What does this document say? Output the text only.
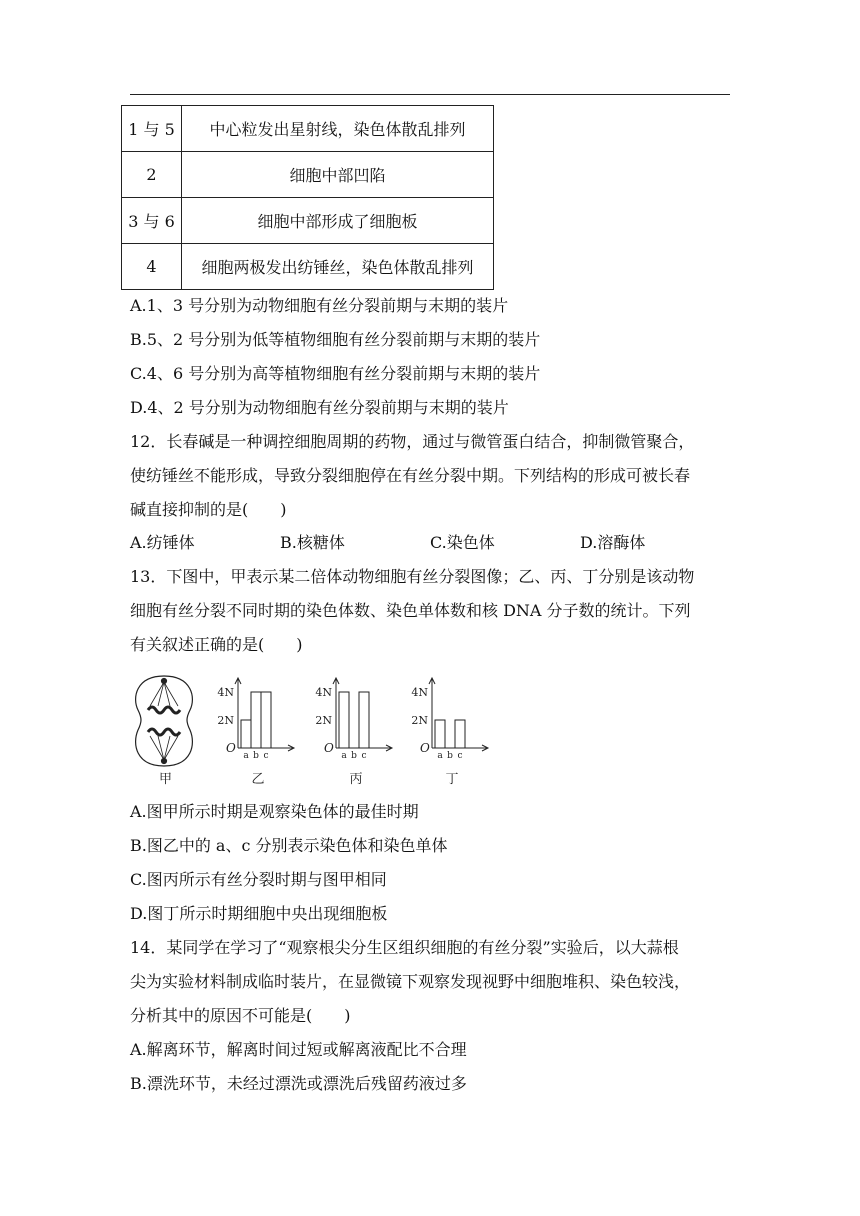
1 与 5	中心粒发出星射线，染色体散乱排列
2	细胞中部凹陷
3 与 6	细胞中部形成了细胞板
4	细胞两极发出纺锤丝，染色体散乱排列
A.1、3 号分别为动物细胞有丝分裂前期与末期的装片
B.5、2 号分别为低等植物细胞有丝分裂前期与末期的装片
C.4、6 号分别为高等植物细胞有丝分裂前期与末期的装片
D.4、2 号分别为动物细胞有丝分裂前期与末期的装片
12．长春碱是一种调控细胞周期的药物，通过与微管蛋白结合，抑制微管聚合，
使纺锤丝不能形成，导致分裂细胞停在有丝分裂中期。下列结构的形成可被长春
碱直接抑制的是(　　)
A.纺锤体	B.核糖体	C.染色体	D.溶酶体
13．下图中，甲表示某二倍体动物细胞有丝分裂图像；乙、丙、丁分别是该动物
细胞有丝分裂不同时期的染色体数、染色单体数和核 DNA 分子数的统计。下列
有关叙述正确的是(　　)
甲
4N
2N
O
a b c
乙
4N
2N
O
a b c
丙
4N
2N
O
a b c
丁
A.图甲所示时期是观察染色体的最佳时期
B.图乙中的 a、c 分别表示染色体和染色单体
C.图丙所示有丝分裂时期与图甲相同
D.图丁所示时期细胞中央出现细胞板
14．某同学在学习了“观察根尖分生区组织细胞的有丝分裂”实验后，以大蒜根
尖为实验材料制成临时装片，在显微镜下观察发现视野中细胞堆积、染色较浅，
分析其中的原因不可能是(　　)
A.解离环节，解离时间过短或解离液配比不合理
B.漂洗环节，未经过漂洗或漂洗后残留药液过多
